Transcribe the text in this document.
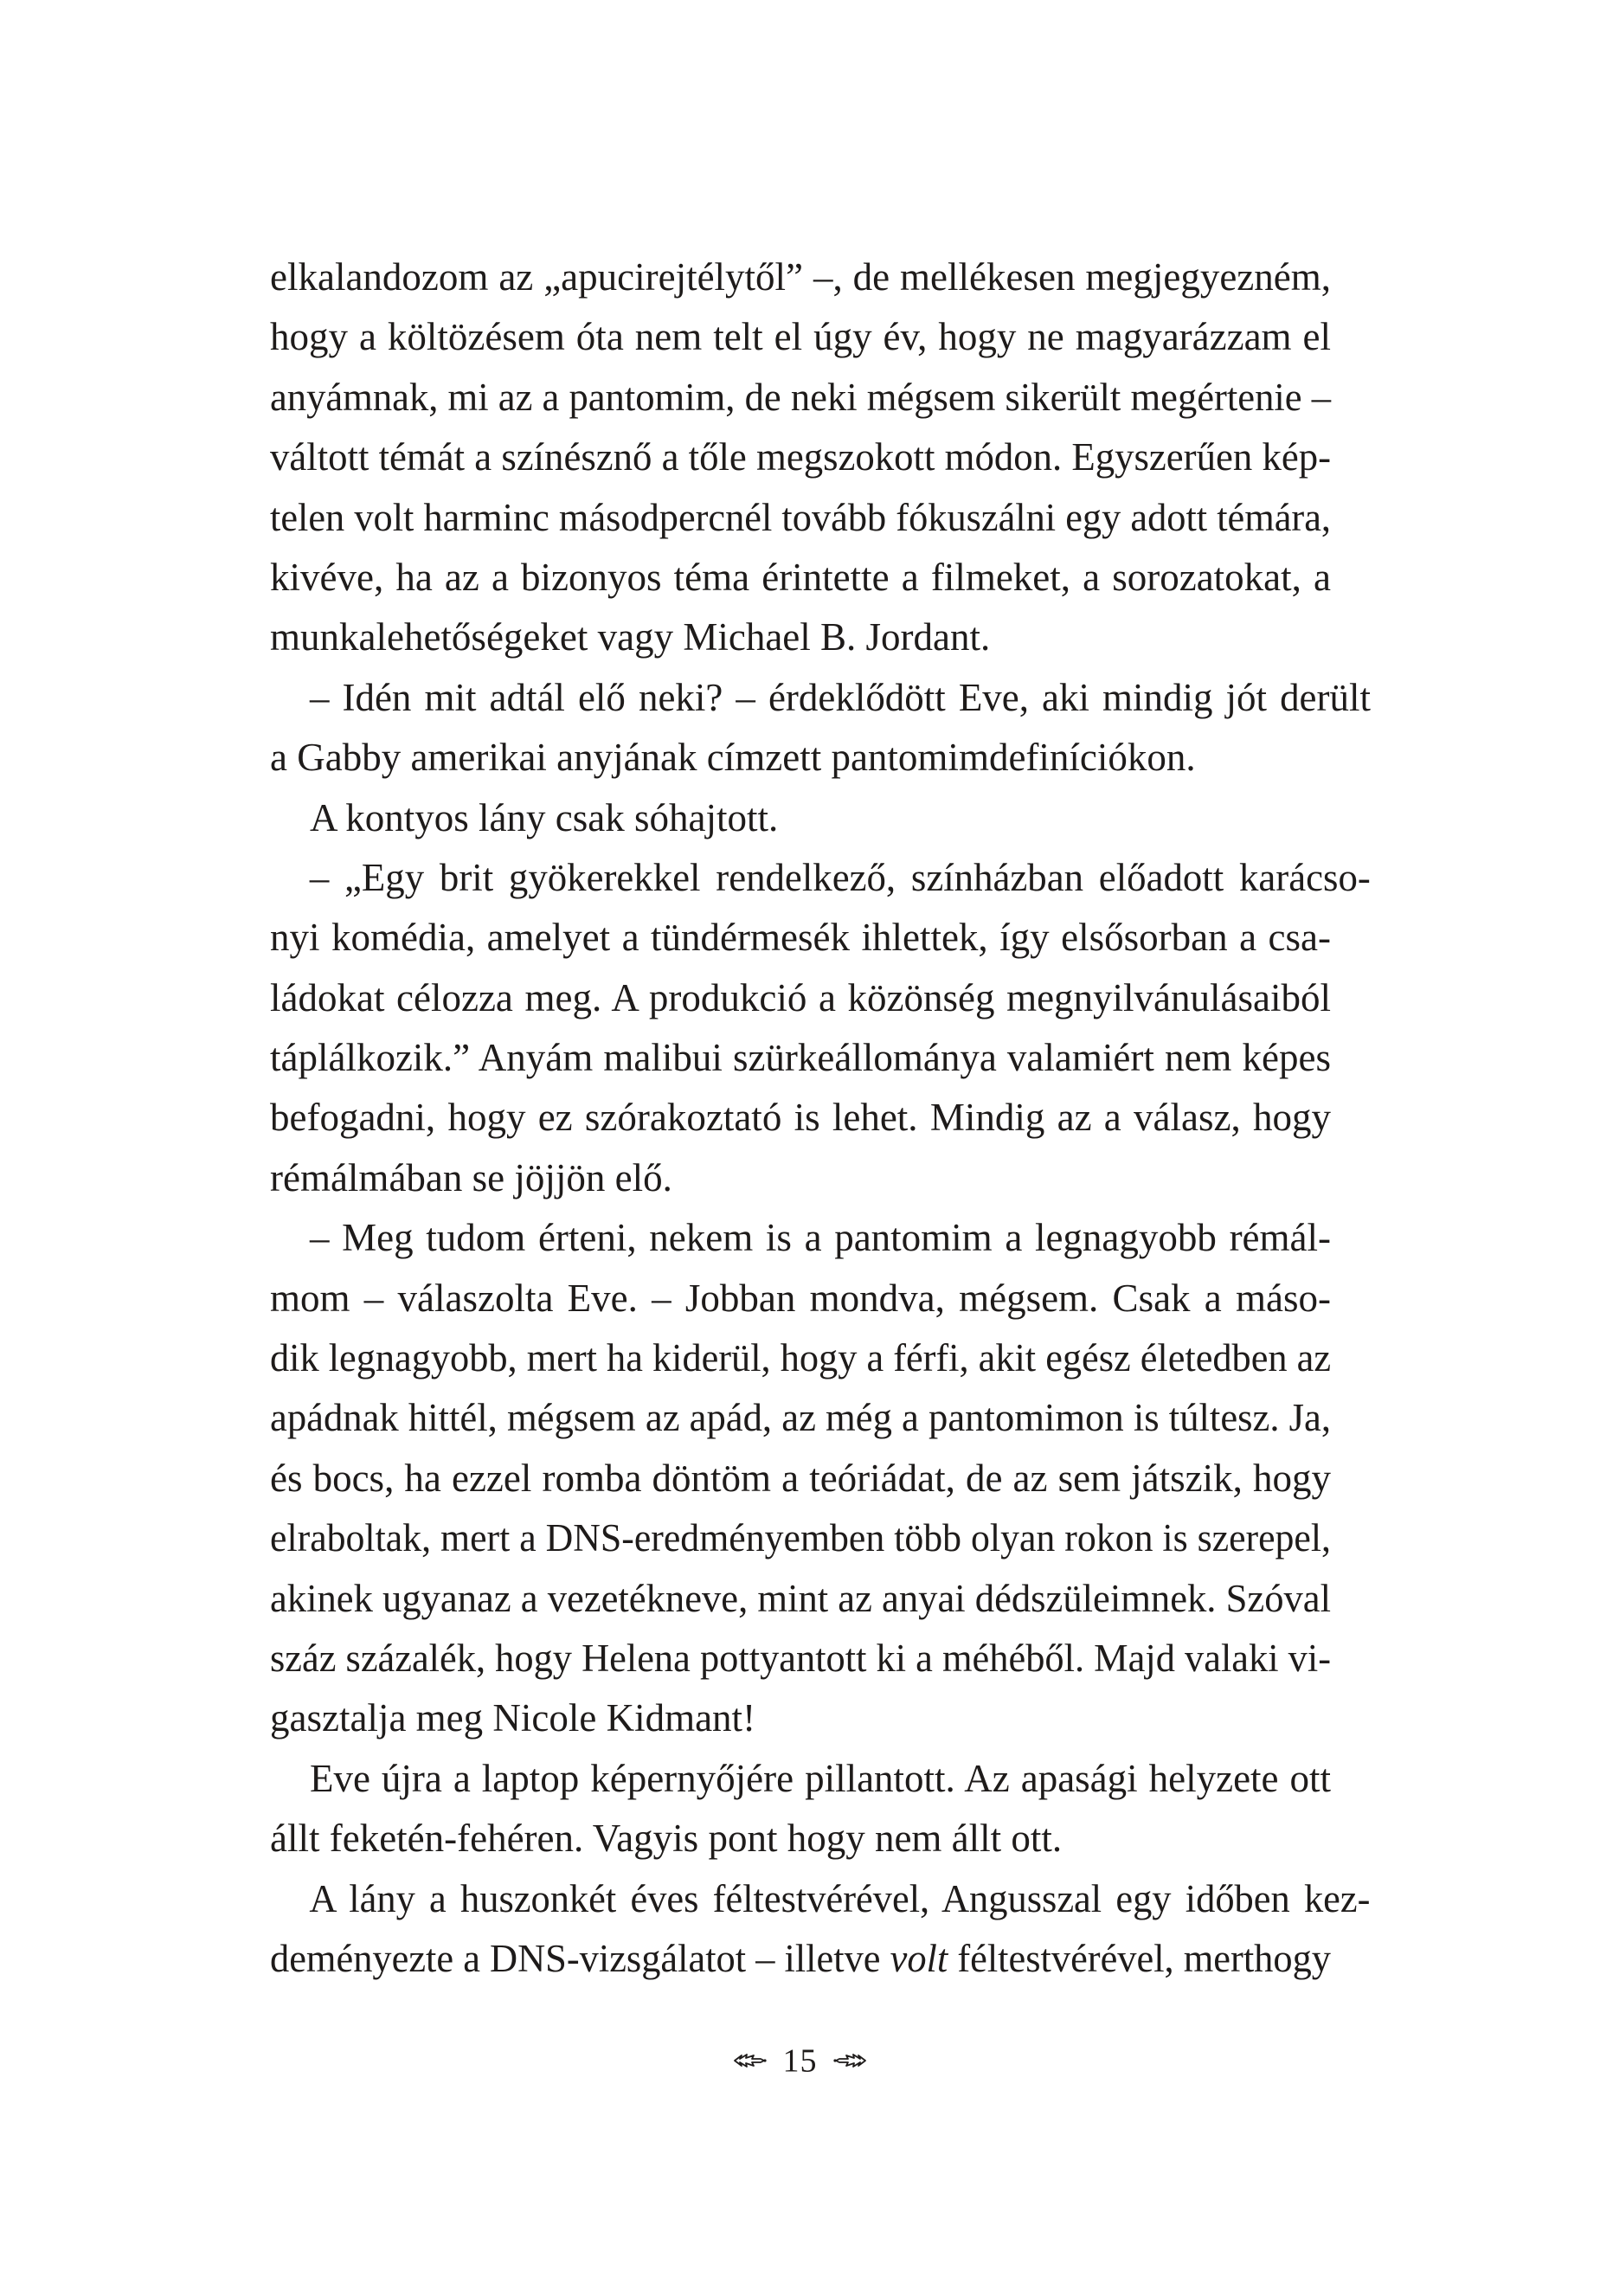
elkalandozom az „apucirejtélytől” –, de mellékesen megjegyezném,
hogy a költözésem óta nem telt el úgy év, hogy ne magyarázzam el
anyámnak, mi az a pantomim, de neki mégsem sikerült megértenie –
váltott témát a színésznő a tőle megszokott módon. Egyszerűen kép-
telen volt harminc másodpercnél tovább fókuszálni egy adott témára,
kivéve, ha az a bizonyos téma érintette a filmeket, a sorozatokat, a
munkalehetőségeket vagy Michael B. Jordant.
– Idén mit adtál elő neki? – érdeklődött Eve, aki mindig jót derült
a Gabby amerikai anyjának címzett pantomimdefiníciókon.
A kontyos lány csak sóhajtott.
– „Egy brit gyökerekkel rendelkező, színházban előadott karácso-
nyi komédia, amelyet a tündérmesék ihlettek, így elsősorban a csa-
ládokat célozza meg. A produkció a közönség megnyilvánulásaiból
táplálkozik.” Anyám malibui szürkeállománya valamiért nem képes
befogadni, hogy ez szórakoztató is lehet. Mindig az a válasz, hogy
rémálmában se jöjjön elő.
– Meg tudom érteni, nekem is a pantomim a legnagyobb rémál-
mom – válaszolta Eve. – Jobban mondva, mégsem. Csak a máso-
dik legnagyobb, mert ha kiderül, hogy a férfi, akit egész életedben az
apádnak hittél, mégsem az apád, az még a pantomimon is túltesz. Ja,
és bocs, ha ezzel romba döntöm a teóriádat, de az sem játszik, hogy
elraboltak, mert a DNS-eredményemben több olyan rokon is szerepel,
akinek ugyanaz a vezetékneve, mint az anyai dédszüleimnek. Szóval
száz százalék, hogy Helena pottyantott ki a méhéből. Majd valaki vi-
gasztalja meg Nicole Kidmant!
Eve újra a laptop képernyőjére pillantott. Az apasági helyzete ott
állt feketén-fehéren. Vagyis pont hogy nem állt ott.
A lány a huszonkét éves féltestvérével, Angusszal egy időben kez-
deményezte a DNS-vizsgálatot – illetve volt féltestvérével, merthogy
15
